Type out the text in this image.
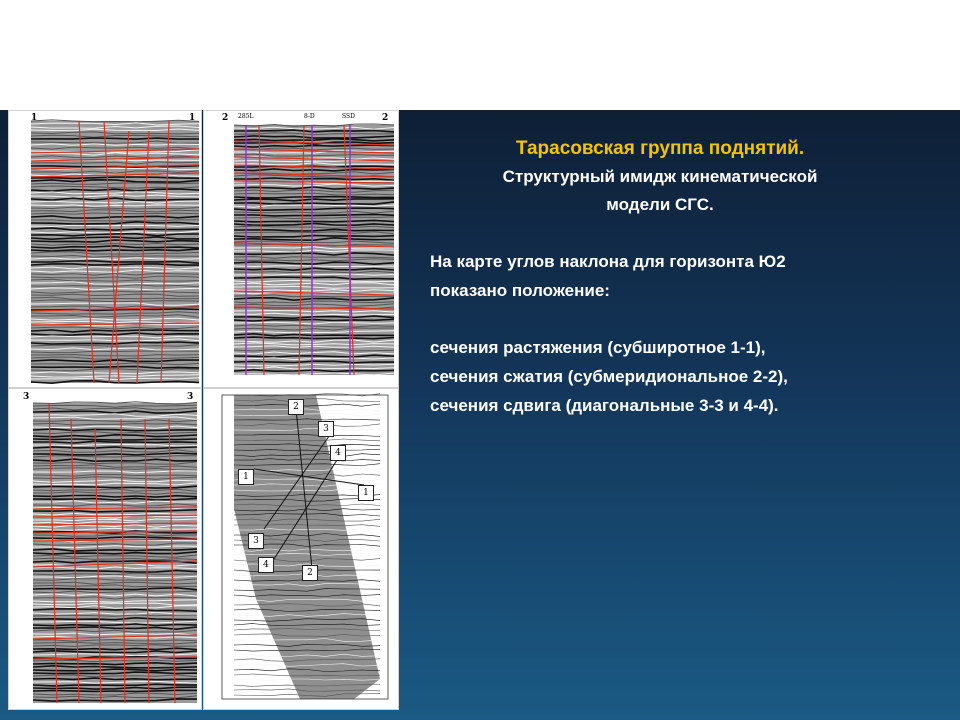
1	1	2	2
285L	8-D	SSD
3	3
2
3
4
1
1
3
4
2
Тарасовская группа поднятий.
Структурный имидж кинематической
модели СГС.
На карте углов наклона для горизонта Ю2
показано положение:
сечения растяжения (субширотное 1-1),
сечения сжатия (субмеридиональное 2-2),
сечения сдвига (диагональные 3-3 и 4-4).
